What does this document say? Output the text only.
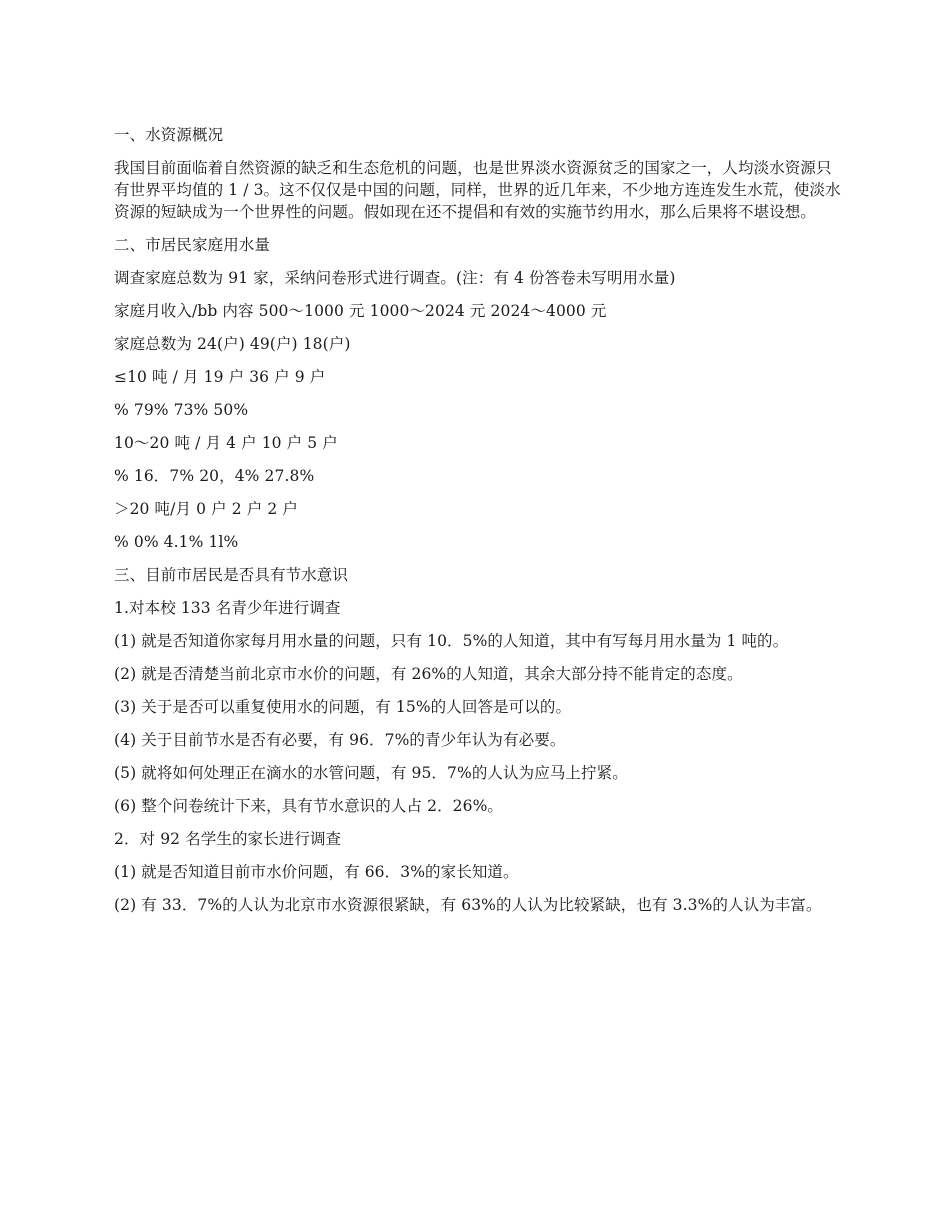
一、水资源概况

我国目前面临着自然资源的缺乏和生态危机的问题，也是世界淡水资源贫乏的国家之一，人均淡水资源只有世界平均值的 1 / 3。这不仅仅是中国的问题，同样，世界的近几年来，不少地方连连发生水荒，使淡水资源的短缺成为一个世界性的问题。假如现在还不提倡和有效的实施节约用水，那么后果将不堪设想。

二、市居民家庭用水量

调查家庭总数为 91 家，采纳问卷形式进行调查。(注：有 4 份答卷未写明用水量)

家庭月收入/bb 内容 500～1000 元 1000～2024 元 2024～4000 元

家庭总数为 24(户) 49(户) 18(户)

≤10 吨 / 月 19 户 36 户 9 户

% 79% 73% 50%

10～20 吨 / 月 4 户 10 户 5 户

% 16．7% 20，4% 27.8%

＞20 吨/月 0 户 2 户 2 户

% 0% 4.1% 1l%

三、目前市居民是否具有节水意识

1.对本校 133 名青少年进行调查

(1) 就是否知道你家每月用水量的问题，只有 10．5%的人知道，其中有写每月用水量为 1 吨的。

(2) 就是否清楚当前北京市水价的问题，有 26%的人知道，其余大部分持不能肯定的态度。

(3) 关于是否可以重复使用水的问题，有 15%的人回答是可以的。

(4) 关于目前节水是否有必要，有 96．7%的青少年认为有必要。

(5) 就将如何处理正在滴水的水管问题，有 95．7%的人认为应马上拧紧。

(6) 整个问卷统计下来，具有节水意识的人占 2．26%。

2．对 92 名学生的家长进行调查

(1) 就是否知道目前市水价问题，有 66．3%的家长知道。

(2) 有 33．7%的人认为北京市水资源很紧缺，有 63%的人认为比较紧缺，也有 3.3%的人认为丰富。
